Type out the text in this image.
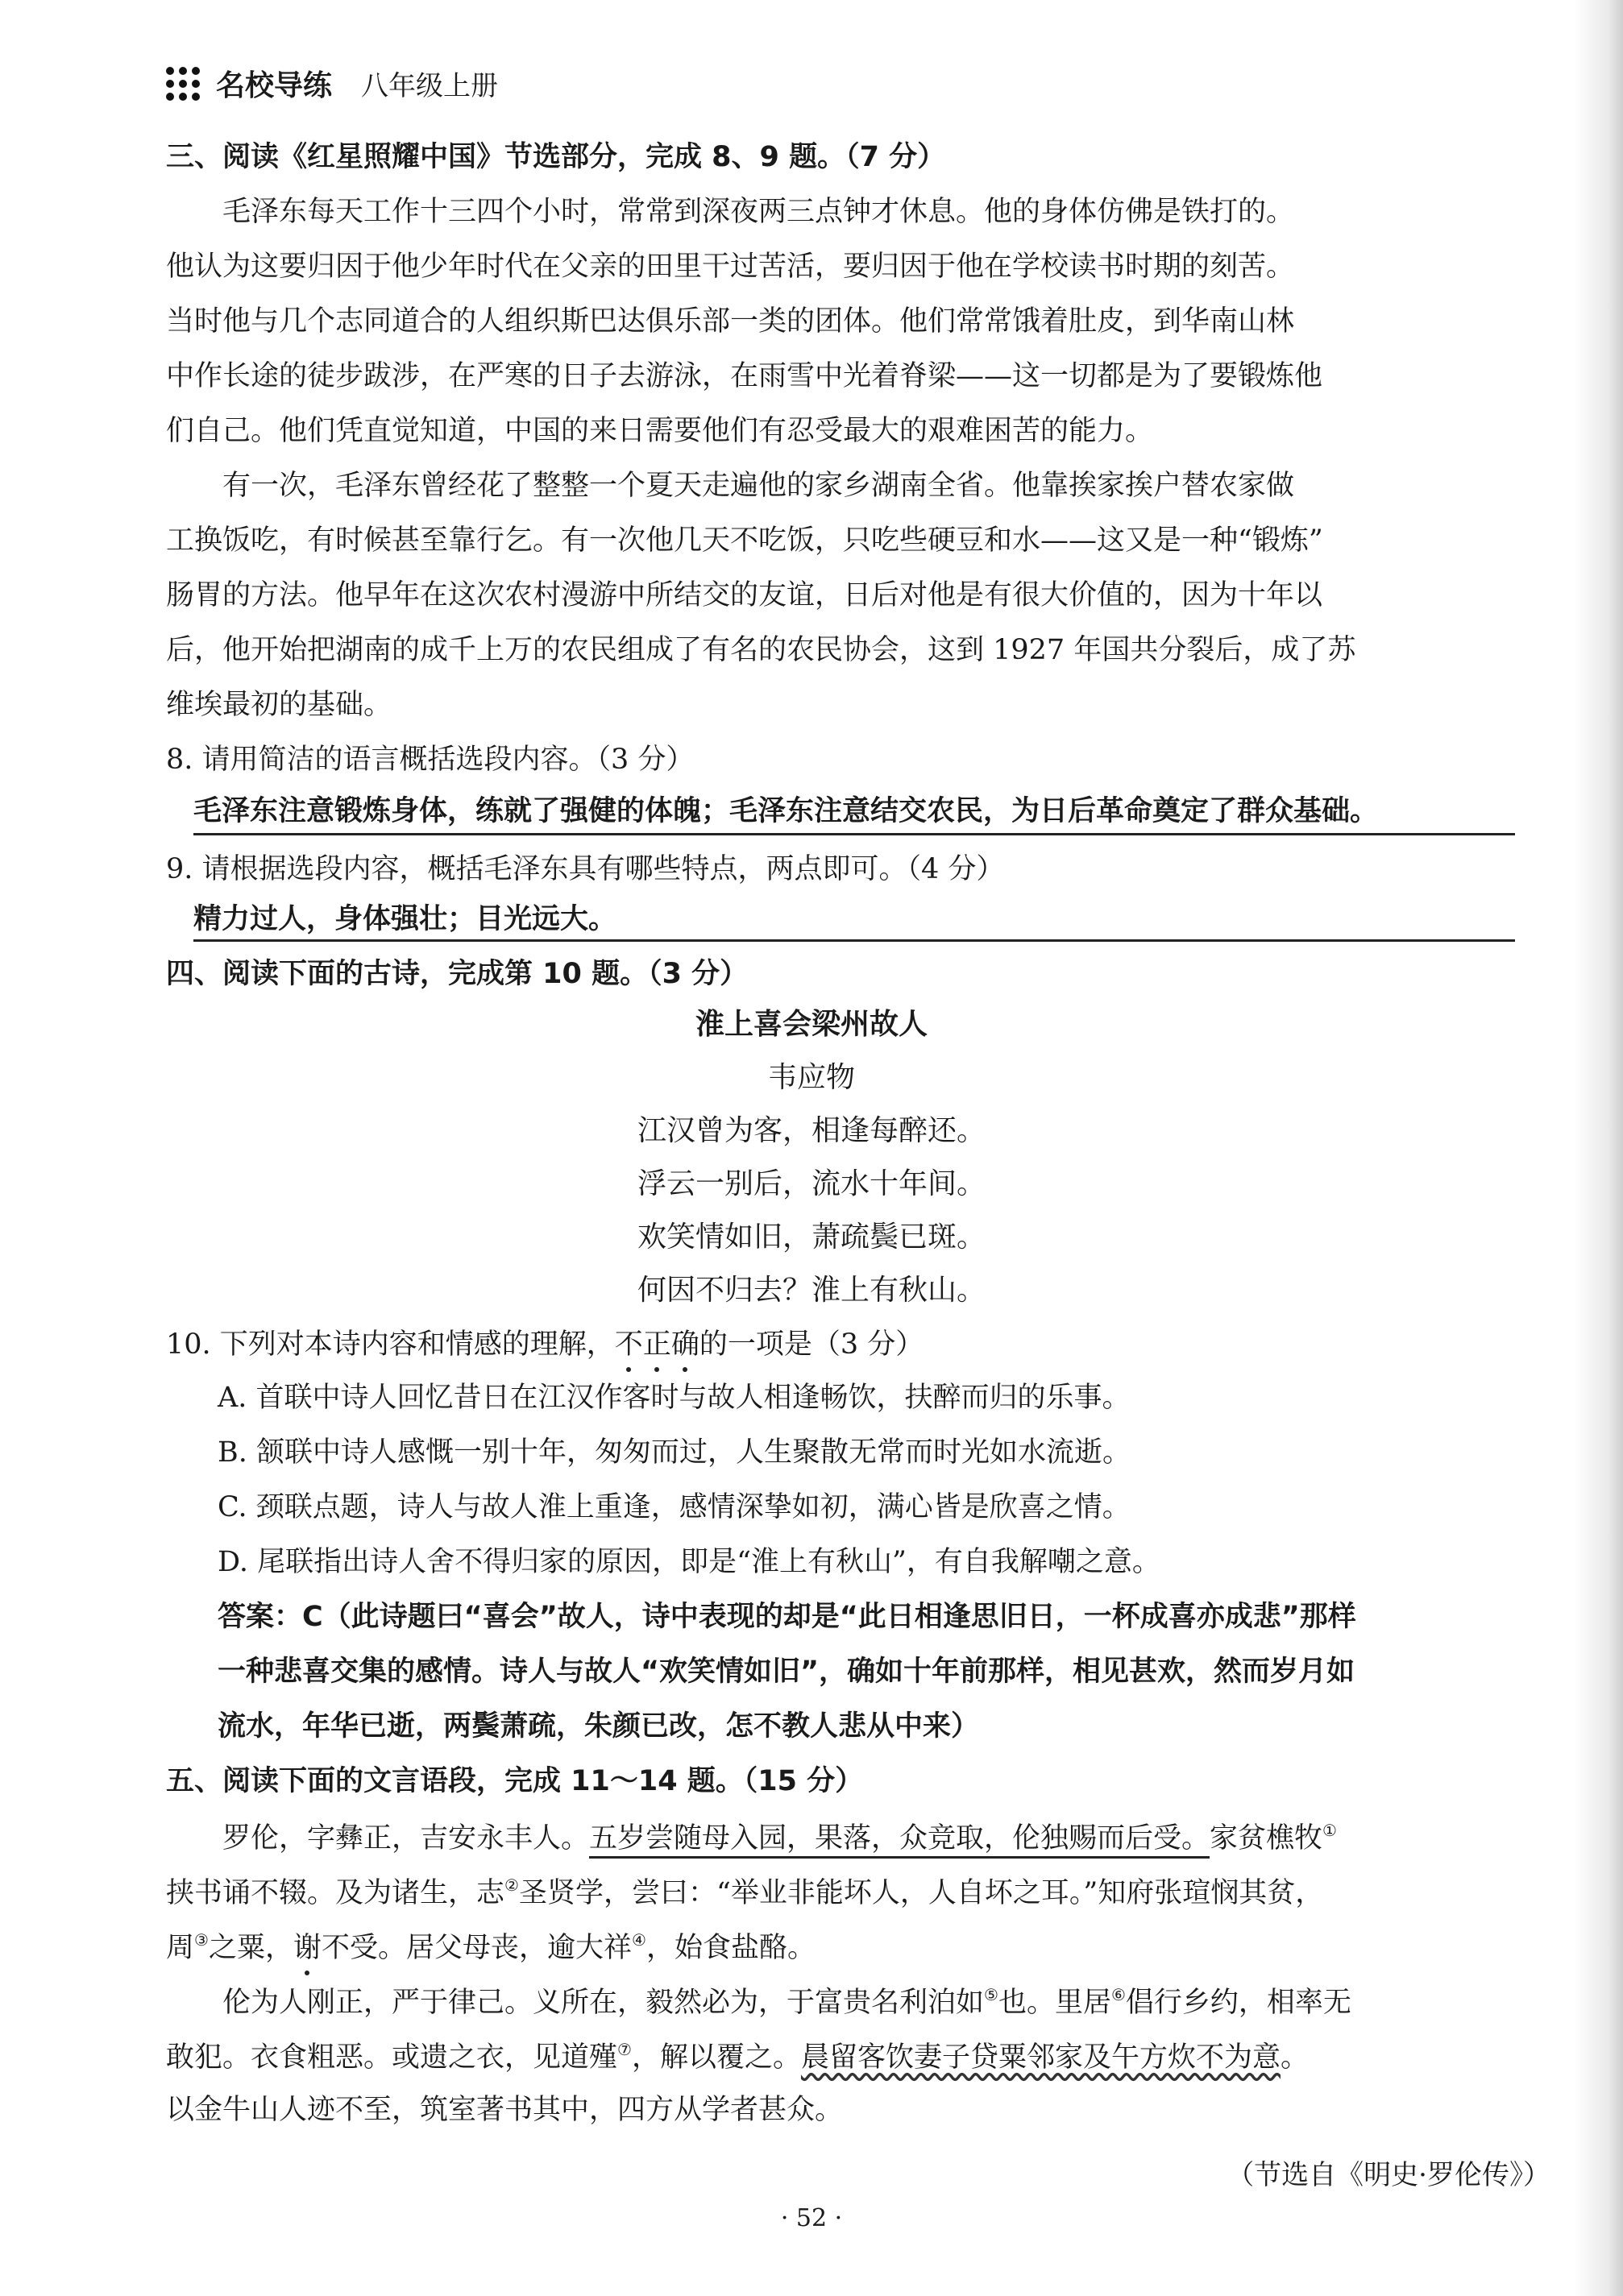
名校导练 八年级上册
三、阅读《红星照耀中国》节选部分，完成 8、9 题。（7 分）
　　毛泽东每天工作十三四个小时，常常到深夜两三点钟才休息。他的身体仿佛是铁打的。
他认为这要归因于他少年时代在父亲的田里干过苦活，要归因于他在学校读书时期的刻苦。
当时他与几个志同道合的人组织斯巴达俱乐部一类的团体。他们常常饿着肚皮，到华南山林
中作长途的徒步跋涉，在严寒的日子去游泳，在雨雪中光着脊梁——这一切都是为了要锻炼他
们自己。他们凭直觉知道，中国的来日需要他们有忍受最大的艰难困苦的能力。
　　有一次，毛泽东曾经花了整整一个夏天走遍他的家乡湖南全省。他靠挨家挨户替农家做
工换饭吃，有时候甚至靠行乞。有一次他几天不吃饭，只吃些硬豆和水——这又是一种“锻炼”
肠胃的方法。他早年在这次农村漫游中所结交的友谊，日后对他是有很大价值的，因为十年以
后，他开始把湖南的成千上万的农民组成了有名的农民协会，这到 1927 年国共分裂后，成了苏
维埃最初的基础。
8. 请用简洁的语言概括选段内容。（3 分）
毛泽东注意锻炼身体，练就了强健的体魄；毛泽东注意结交农民，为日后革命奠定了群众基础。
9. 请根据选段内容，概括毛泽东具有哪些特点，两点即可。（4 分）
精力过人，身体强壮；目光远大。
四、阅读下面的古诗，完成第 10 题。（3 分）
淮上喜会梁州故人
韦应物
江汉曾为客，相逢每醉还。
浮云一别后，流水十年间。
欢笑情如旧，萧疏鬓已斑。
何因不归去？淮上有秋山。
10. 下列对本诗内容和情感的理解，不正确的一项是（3 分）
A. 首联中诗人回忆昔日在江汉作客时与故人相逢畅饮，扶醉而归的乐事。
B. 颔联中诗人感慨一别十年，匆匆而过，人生聚散无常而时光如水流逝。
C. 颈联点题，诗人与故人淮上重逢，感情深挚如初，满心皆是欣喜之情。
D. 尾联指出诗人舍不得归家的原因，即是“淮上有秋山”，有自我解嘲之意。
答案：C（此诗题曰“喜会”故人，诗中表现的却是“此日相逢思旧日，一杯成喜亦成悲”那样
一种悲喜交集的感情。诗人与故人“欢笑情如旧”，确如十年前那样，相见甚欢，然而岁月如
流水，年华已逝，两鬓萧疏，朱颜已改，怎不教人悲从中来）
五、阅读下面的文言语段，完成 11～14 题。（15 分）
　　罗伦，字彝正，吉安永丰人。五岁尝随母入园，果落，众竞取，伦独赐而后受。家贫樵牧①
挟书诵不辍。及为诸生，志②圣贤学，尝曰：“举业非能坏人，人自坏之耳。”知府张瑄悯其贫，
周③之粟，谢不受。居父母丧，逾大祥④，始食盐酪。
　　伦为人刚正，严于律己。义所在，毅然必为，于富贵名利泊如⑤也。里居⑥倡行乡约，相率无
敢犯。衣食粗恶。或遗之衣，见道殣⑦，解以覆之。晨留客饮妻子贷粟邻家及午方炊不为意。
以金牛山人迹不至，筑室著书其中，四方从学者甚众。
（节选自《明史·罗伦传》）
· 52 ·
